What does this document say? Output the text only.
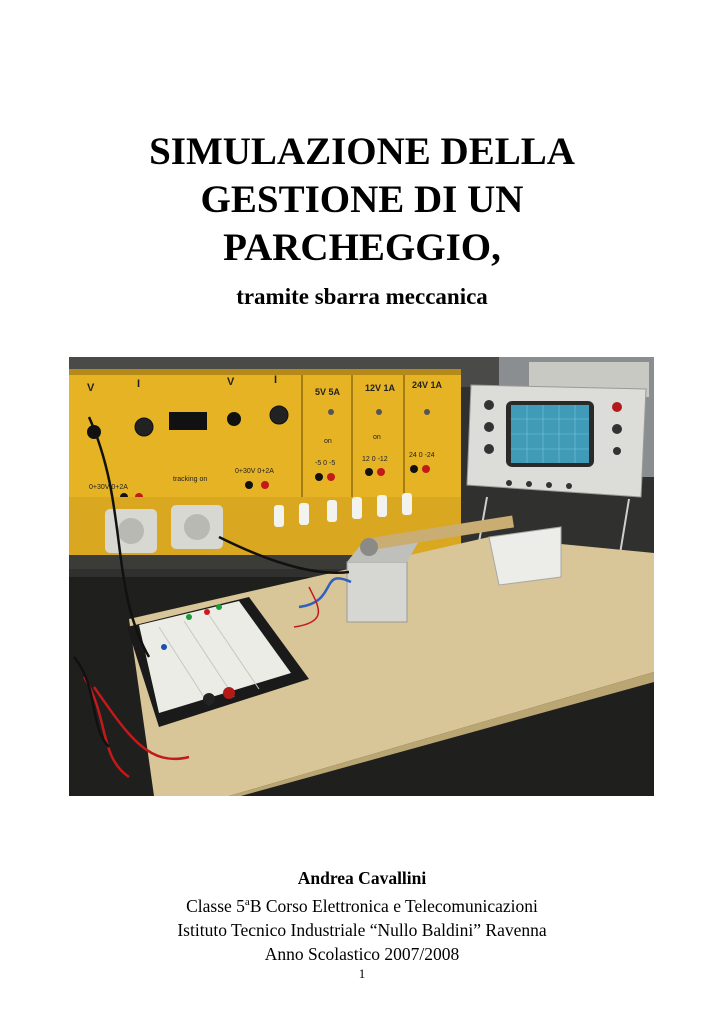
SIMULAZIONE DELLA
GESTIONE DI UN
PARCHEGGIO,
tramite sbarra meccanica
V	I	V	I
5V 5A	12V 1A 24V 1A
0+30V 0+2A
tracking on
0+30V 0+2A
on
on
-5 0 -5
12 0 -12
24 0 -24
Andrea Cavallini
Classe 5$^a$B Corso Elettronica e Telecomunicazioni
Istituto Tecnico Industriale “Nullo Baldini” Ravenna
Anno Scolastico 2007/2008
1
